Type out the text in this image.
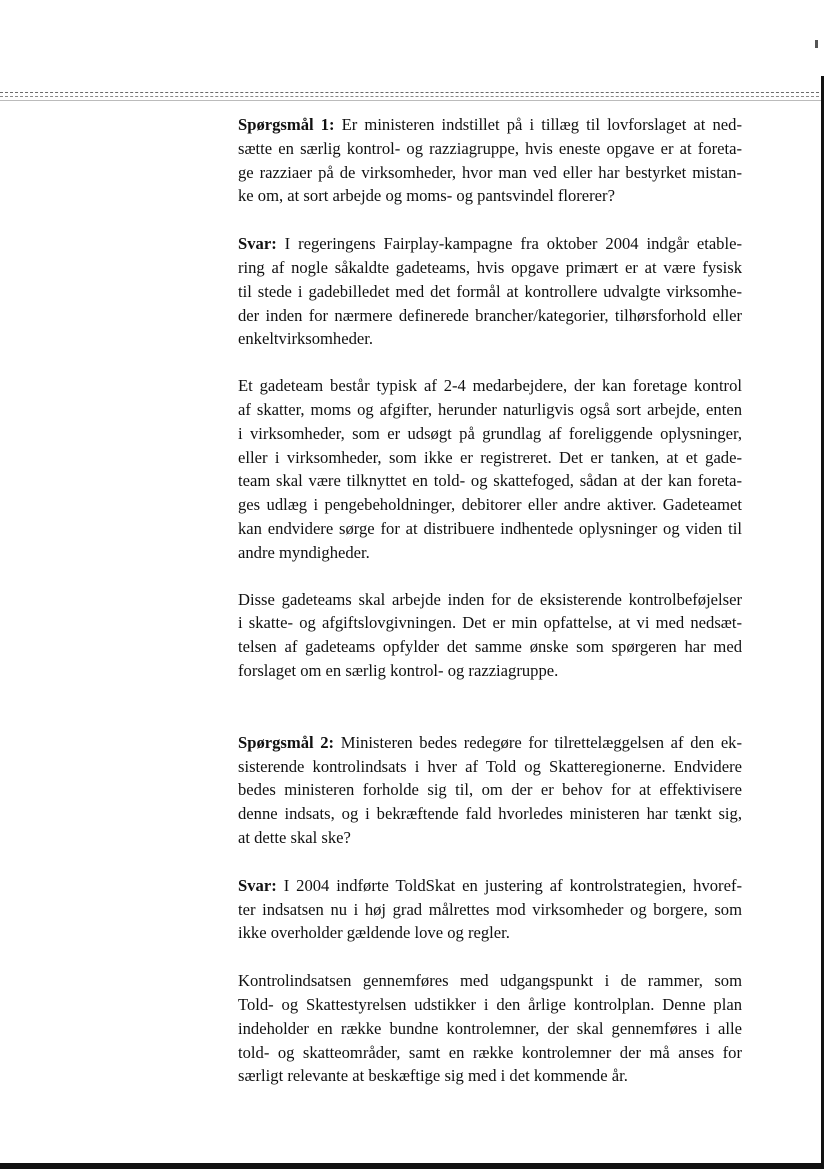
Spørgsmål 1: Er ministeren indstillet på i tillæg til lovforslaget at ned-
sætte en særlig kontrol- og razziagruppe, hvis eneste opgave er at foreta-
ge razziaer på de virksomheder, hvor man ved eller har bestyrket mistan-
ke om, at sort arbejde og moms- og pantsvindel florerer?

Svar: I regeringens Fairplay-kampagne fra oktober 2004 indgår etable-
ring af nogle såkaldte gadeteams, hvis opgave primært er at være fysisk
til stede i gadebilledet med det formål at kontrollere udvalgte virksomhe-
der inden for nærmere definerede brancher/kategorier, tilhørsforhold eller
enkeltvirksomheder.

Et gadeteam består typisk af 2-4 medarbejdere, der kan foretage kontrol
af skatter, moms og afgifter, herunder naturligvis også sort arbejde, enten
i virksomheder, som er udsøgt på grundlag af foreliggende oplysninger,
eller i virksomheder, som ikke er registreret. Det er tanken, at et gade-
team skal være tilknyttet en told- og skattefoged, sådan at der kan foreta-
ges udlæg i pengebeholdninger, debitorer eller andre aktiver. Gadeteamet
kan endvidere sørge for at distribuere indhentede oplysninger og viden til
andre myndigheder.

Disse gadeteams skal arbejde inden for de eksisterende kontrolbeføjelser
i skatte- og afgiftslovgivningen. Det er min opfattelse, at vi med nedsæt-
telsen af gadeteams opfylder det samme ønske som spørgeren har med
forslaget om en særlig kontrol- og razziagruppe.

Spørgsmål 2: Ministeren bedes redegøre for tilrettelæggelsen af den ek-
sisterende kontrolindsats i hver af Told og Skatteregionerne. Endvidere
bedes ministeren forholde sig til, om der er behov for at effektivisere
denne indsats, og i bekræftende fald hvorledes ministeren har tænkt sig,
at dette skal ske?

Svar: I 2004 indførte ToldSkat en justering af kontrolstrategien, hvoref-
ter indsatsen nu i høj grad målrettes mod virksomheder og borgere, som
ikke overholder gældende love og regler.

Kontrolindsatsen gennemføres med udgangspunkt i de rammer, som
Told- og Skattestyrelsen udstikker i den årlige kontrolplan. Denne plan
indeholder en række bundne kontrolemner, der skal gennemføres i alle
told- og skatteområder, samt en række kontrolemner der må anses for
særligt relevante at beskæftige sig med i det kommende år.
